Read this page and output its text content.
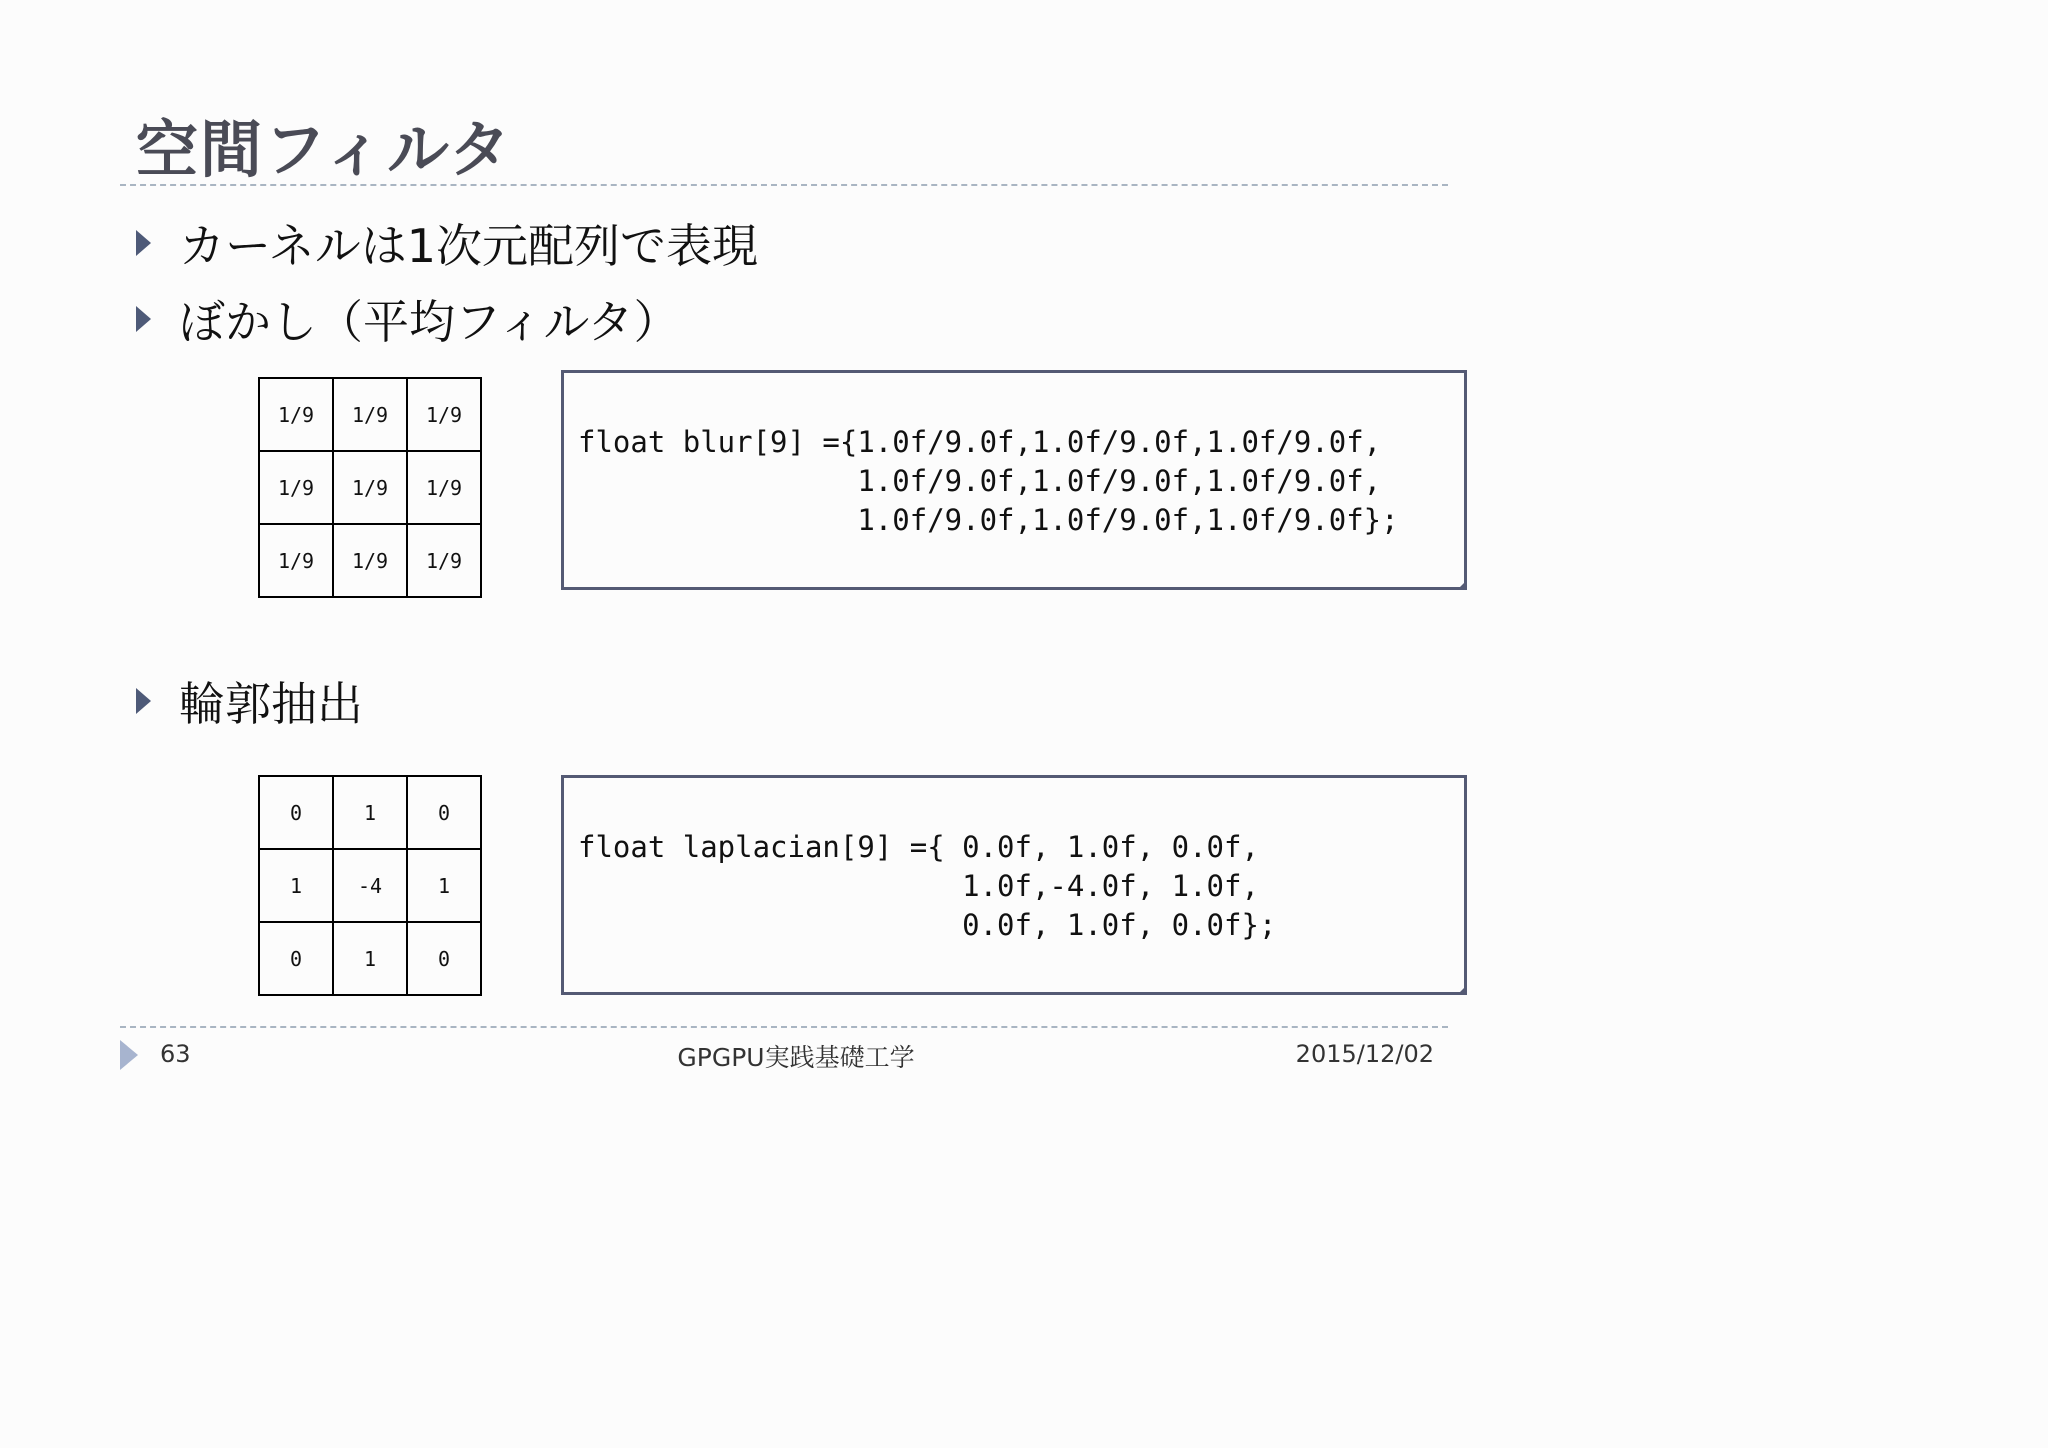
空間フィルタ
カーネルは1次元配列で表現
ぼかし（平均フィルタ）
1/9	1/9	1/9
1/9	1/9	1/9
1/9	1/9	1/9
float blur[9] ={1.0f/9.0f,1.0f/9.0f,1.0f/9.0f,
1.0f/9.0f,1.0f/9.0f,1.0f/9.0f,
1.0f/9.0f,1.0f/9.0f,1.0f/9.0f};
輪郭抽出
0	1	0
1	-4	1
0	1	0
float laplacian[9] ={ 0.0f, 1.0f, 0.0f,
1.0f,-4.0f, 1.0f,
0.0f, 1.0f, 0.0f};
63	GPGPU実践基礎工学	2015/12/02
